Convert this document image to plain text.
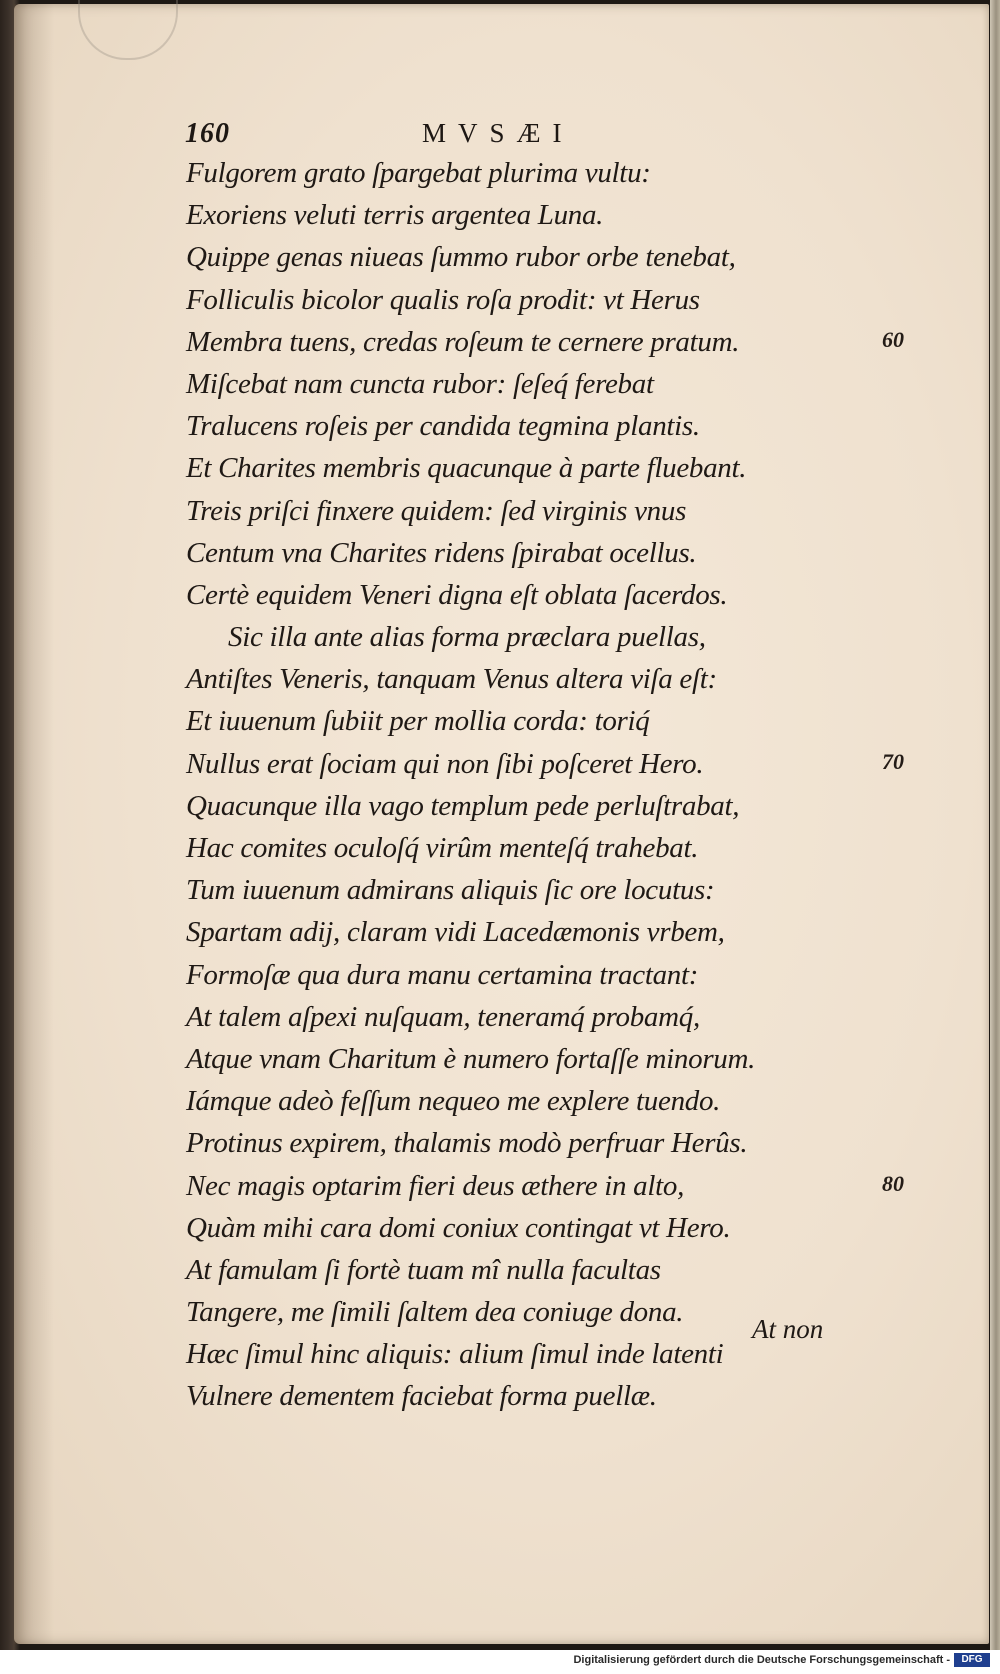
160	MVSÆI
Fulgorem grato ſpargebat plurima vultu:
Exoriens veluti terris argentea Luna.
Quippe genas niueas ſummo rubor orbe tenebat,
Folliculis bicolor qualis roſa prodit: vt Herus
Membra tuens, credas roſeum te cernere pratum.
Miſcebat nam cuncta rubor: ſeſeq́ ferebat
Tralucens roſeis per candida tegmina plantis.
Et Charites membris quacunque à parte fluebant.
Treis priſci finxere quidem: ſed virginis vnus
Centum vna Charites ridens ſpirabat ocellus.
Certè equidem Veneri digna eſt oblata ſacerdos.
Sic illa ante alias forma præclara puellas,
Antiſtes Veneris, tanquam Venus altera viſa eſt:
Et iuuenum ſubiit per mollia corda: toriq́
Nullus erat ſociam qui non ſibi poſceret Hero.
Quacunque illa vago templum pede perluſtrabat,
Hac comites oculoſq́ virûm menteſq́ trahebat.
Tum iuuenum admirans aliquis ſic ore locutus:
Spartam adij, claram vidi Lacedæmonis vrbem,
Formoſæ qua dura manu certamina tractant:
At talem aſpexi nuſquam, teneramq́ probamq́,
Atque vnam Charitum è numero fortaſſe minorum.
Iámque adeò feſſum nequeo me explere tuendo.
Protinus expirem, thalamis modò perfruar Herûs.
Nec magis optarim fieri deus æthere in alto,
Quàm mihi cara domi coniux contingat vt Hero.
At famulam ſi fortè tuam mî nulla facultas
Tangere, me ſimili ſaltem dea coniuge dona.
Hæc ſimul hinc aliquis: alium ſimul inde latenti
Vulnere dementem faciebat forma puellæ.
60
70
80
At non
Digitalisierung gefördert durch die Deutsche Forschungsgemeinschaft -	DFG
